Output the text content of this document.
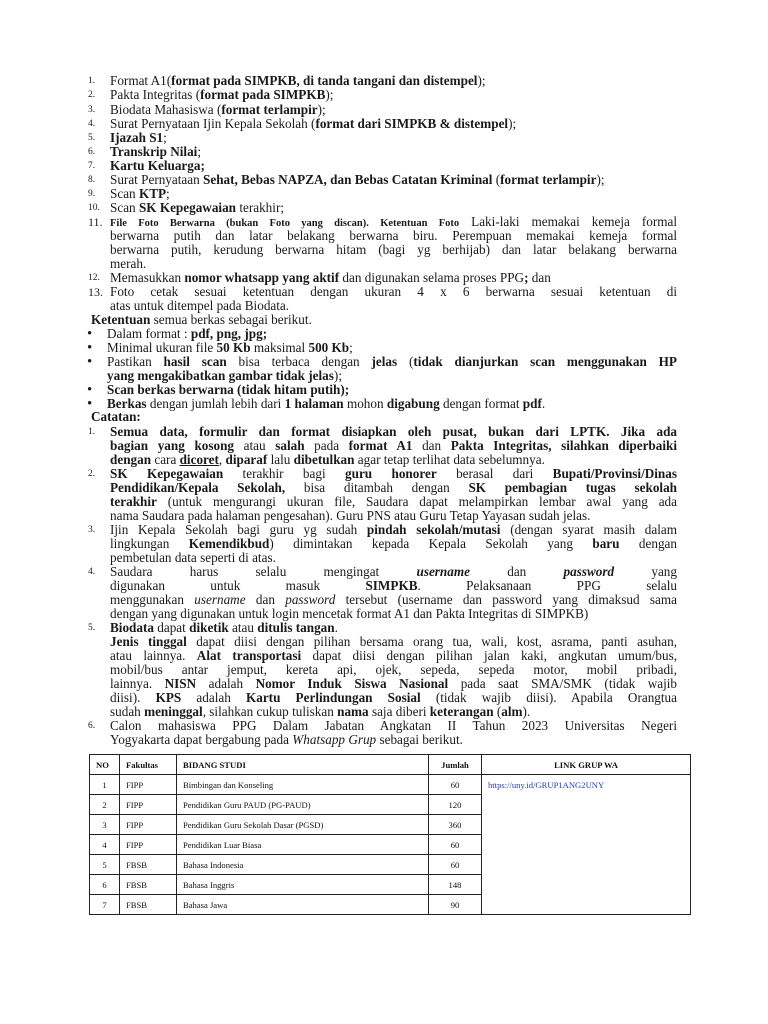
1. Format A1(format pada SIMPKB, di tanda tangani dan distempel);
2. Pakta Integritas (format pada SIMPKB);
3. Biodata Mahasiswa (format terlampir);
4. Surat Pernyataan Ijin Kepala Sekolah (format dari SIMPKB & distempel);
5. Ijazah S1;
6. Transkrip Nilai;
7. Kartu Keluarga;
8. Surat Pernyataan Sehat, Bebas NAPZA, dan Bebas Catatan Kriminal (format terlampir);
9. Scan KTP;
10. Scan SK Kepegawaian terakhir;
11. File Foto Berwarna (bukan Foto yang discan). Ketentuan Foto Laki-laki memakai kemeja formal
berwarna putih dan latar belakang berwarna biru. Perempuan memakai kemeja formal
berwarna putih, kerudung berwarna hitam (bagi yg berhijab) dan latar belakang berwarna
merah.
12. Memasukkan nomor whatsapp yang aktif dan digunakan selama proses PPG; dan
13. Foto cetak sesuai ketentuan dengan ukuran 4 x 6 berwarna sesuai ketentuan di
atas untuk ditempel pada Biodata.
Ketentuan semua berkas sebagai berikut.
• Dalam format : pdf, png, jpg;
• Minimal ukuran file 50 Kb maksimal 500 Kb;
• Pastikan hasil scan bisa terbaca dengan jelas (tidak dianjurkan scan menggunakan HP
yang mengakibatkan gambar tidak jelas);
• Scan berkas berwarna (tidak hitam putih);
• Berkas dengan jumlah lebih dari 1 halaman mohon digabung dengan format pdf.
Catatan:
1. Semua data, formulir dan format disiapkan oleh pusat, bukan dari LPTK. Jika ada
bagian yang kosong atau salah pada format A1 dan Pakta Integritas, silahkan diperbaiki
dengan cara dicoret, diparaf lalu dibetulkan agar tetap terlihat data sebelumnya.
2. SK Kepegawaian terakhir bagi guru honorer berasal dari Bupati/Provinsi/Dinas
Pendidikan/Kepala Sekolah, bisa ditambah dengan SK pembagian tugas sekolah
terakhir (untuk mengurangi ukuran file, Saudara dapat melampirkan lembar awal yang ada
nama Saudara pada halaman pengesahan). Guru PNS atau Guru Tetap Yayasan sudah jelas.
3. Ijin Kepala Sekolah bagi guru yg sudah pindah sekolah/mutasi (dengan syarat masih dalam
lingkungan Kemendikbud) dimintakan kepada Kepala Sekolah yang baru dengan
pembetulan data seperti di atas.
4. Saudara harus selalu mengingat username dan password yang
digunakan untuk masuk SIMPKB. Pelaksanaan PPG selalu
menggunakan username dan password tersebut (username dan password yang dimaksud sama
dengan yang digunakan untuk login mencetak format A1 dan Pakta Integritas di SIMPKB)
5. Biodata dapat diketik atau ditulis tangan.
Jenis tinggal dapat diisi dengan pilihan bersama orang tua, wali, kost, asrama, panti asuhan,
atau lainnya. Alat transportasi dapat diisi dengan pilihan jalan kaki, angkutan umum/bus,
mobil/bus antar jemput, kereta api, ojek, sepeda, sepeda motor, mobil pribadi,
lainnya. NISN adalah Nomor Induk Siswa Nasional pada saat SMA/SMK (tidak wajib
diisi). KPS adalah Kartu Perlindungan Sosial (tidak wajib diisi). Apabila Orangtua
sudah meninggal, silahkan cukup tuliskan nama saja diberi keterangan (alm).
6. Calon mahasiswa PPG Dalam Jabatan Angkatan II Tahun 2023 Universitas Negeri
Yogyakarta dapat bergabung pada Whatsapp Grup sebagai berikut.
NO	Fakultas	BIDANG STUDI	Jumlah	LINK GRUP WA
1	FIPP	Bimbingan dan Konseling	60	https://uny.id/GRUP1ANG2UNY
2	FIPP	Pendidikan Guru PAUD (PG-PAUD)	120	
3	FIPP	Pendidikan Guru Sekolah Dasar (PGSD)	360	
4	FIPP	Pendidikan Luar Biasa	60	
5	FBSB	Bahasa Indonesia	60	
6	FBSB	Bahasa Inggris	148	
7	FBSB	Bahasa Jawa	90	
